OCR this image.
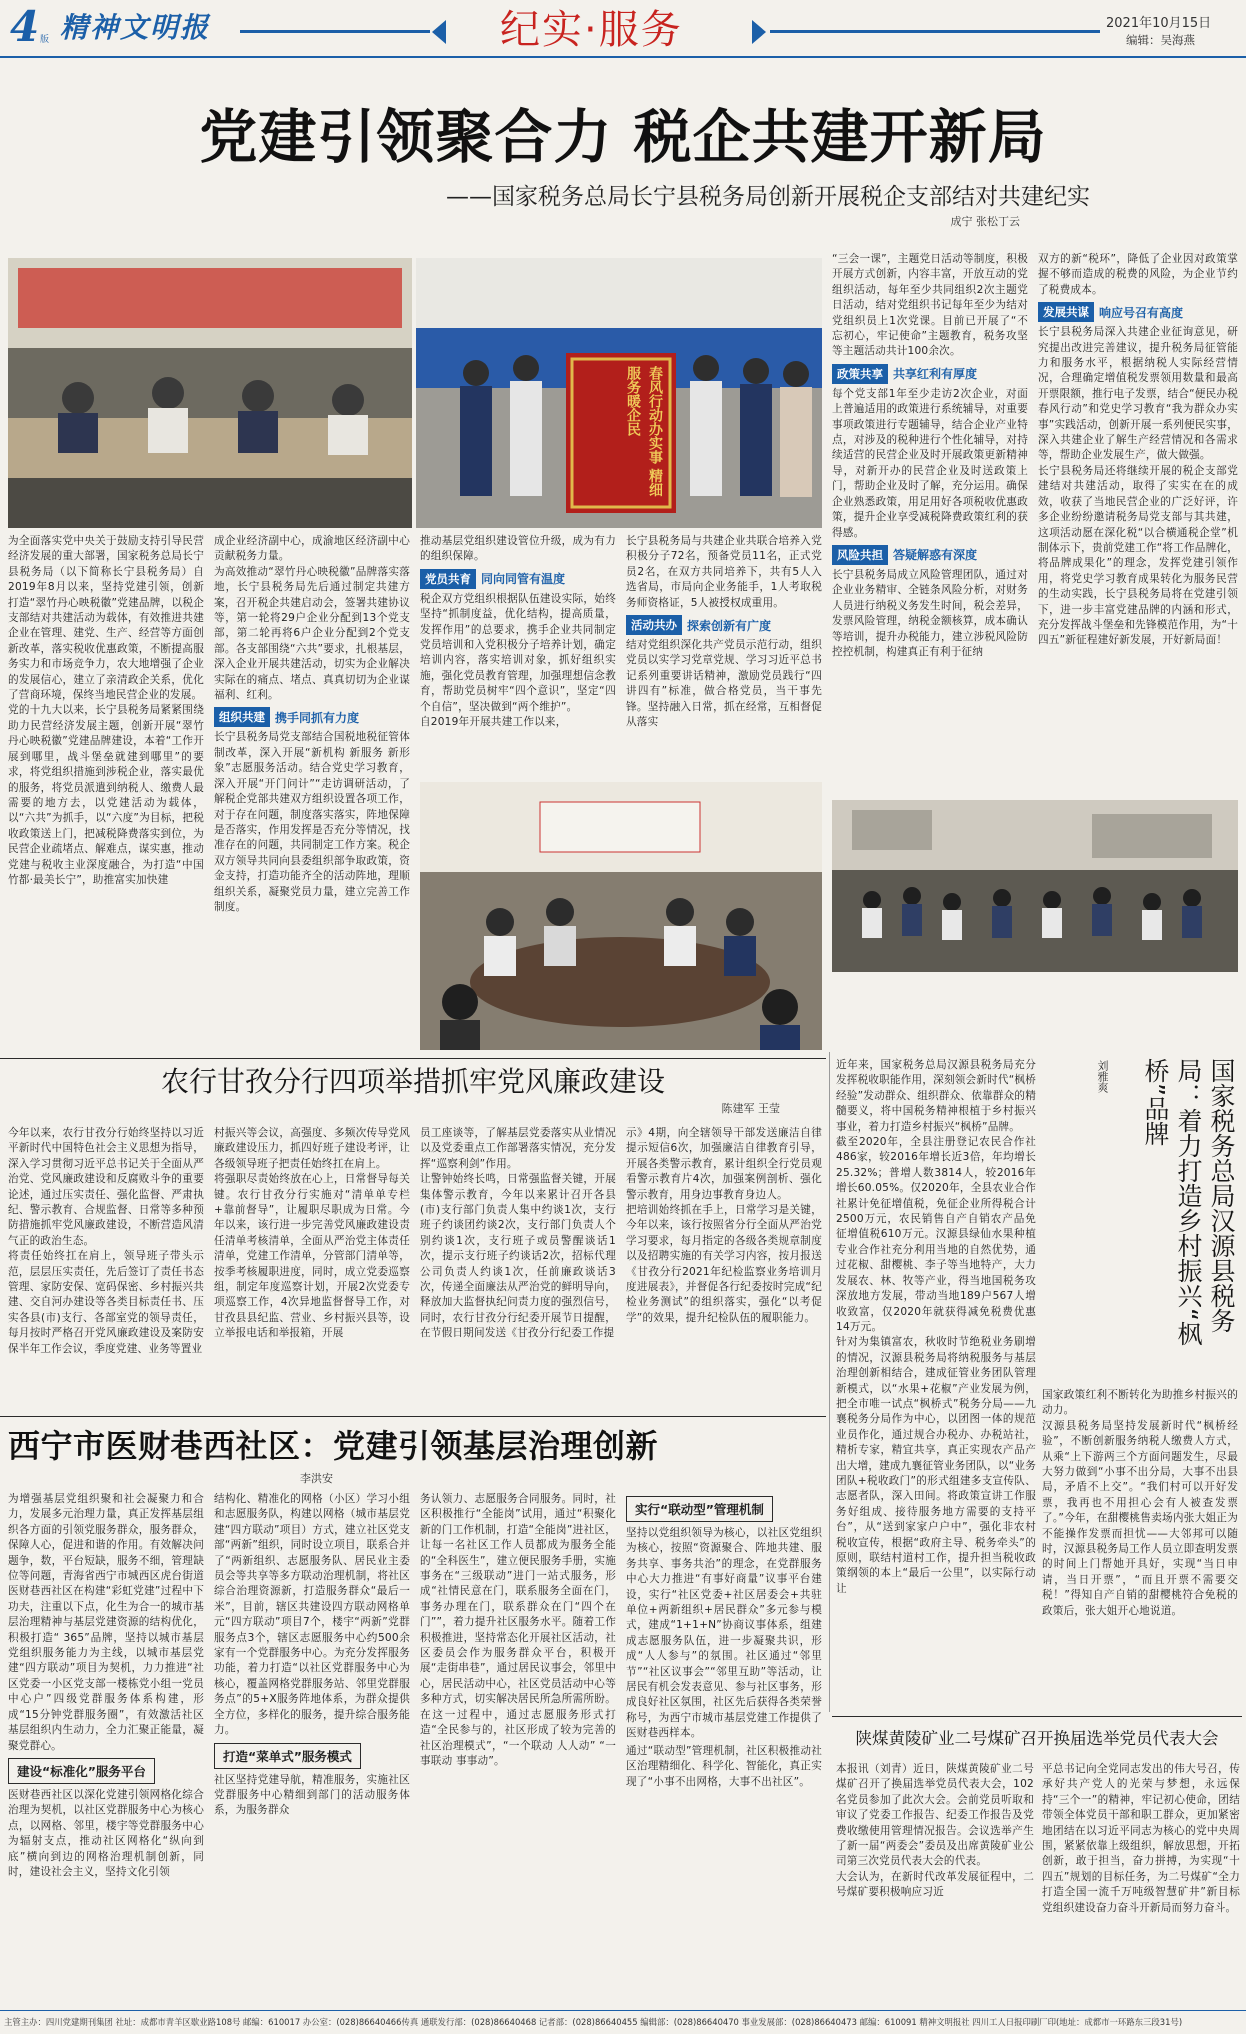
4 版 精神文明报	纪实·服务	2021年10月15日
编辑：吴海燕
党建引领聚合力 税企共建开新局
——国家税务总局长宁县税务局创新开展税企支部结对共建纪实
成宁 张松丁云
春风行动办实事 精细服务暖企民
为全面落实党中央关于鼓励支持引导民营经济发展的重大部署，国家税务总局长宁县税务局（以下简称长宁县税务局）自2019年8月以来，坚持党建引领，创新打造“翠竹丹心映税徽”党建品牌，以税企支部结对共建活动为载体，有效推进共建企业在管理、建党、生产、经营等方面创新改革，落实税收优惠政策，不断提高服务实力和市场竞争力，农大地增强了企业的发展信心，建立了亲清政企关系，优化了营商环境，保终当地民营企业的发展。
党的十九大以来，长宁县税务局紧紧围绕助力民营经济发展主题，创新开展“翠竹丹心映税徽”党建品牌建设，本着“工作开展到哪里，战斗堡垒就建到哪里”的要求，将党组织措施到涉税企业，落实最优的服务，将党员派遣到纳税人、缴费人最需要的地方去，以党建活动为载体，以“六共”为抓手，以“六度”为目标，把税收政策送上门，把减税降费落实到位，为民营企业疏堵点、解难点，谋实惠，推动党建与税收主业深度融合，为打造“中国竹都·最美长宁”，助推富实加快建
成企业经济副中心，成渝地区经济副中心贡献税务力量。
为高效推动“翠竹丹心映税徽”品牌落实落地，长宁县税务局先后通过制定共建方案，召开税企共建启动会，签署共建协议等，第一轮将29户企业分配到13个党支部，第二轮再将6户企业分配到2个党支部。各支部围绕“六共”要求，扎根基层，深入企业开展共建活动，切实为企业解决实际在的痛点、堵点、真真切切为企业谋福利、红利。
组织共建 携手同抓有力度
长宁县税务局党支部结合国税地税征管体制改革，深入开展“新机构 新服务 新形象”志愿服务活动。结合党史学习教育，深入开展“开门问计”“走访调研活动，了解税企党部共建双方组织设置各项工作，对于存在问题，制度落实落实，阵地保障是否落实，作用发挥是否充分等情况，找准存在的问题，共同制定工作方案。税企双方领导共同向县委组织部争取政策，资金支持，打造功能齐全的活动阵地，理顺组织关系，凝聚党员力量，建立完善工作制度。
推动基层党组织建设管位升级，成为有力的组织保障。
党员共育 同向同管有温度
税企双方党组织根据队伍建设实际，始终坚持“抓制度益，优化结构，提高质量，发挥作用”的总要求，携手企业共同制定党员培训和入党积极分子培养计划，确定培训内容，落实培训对象，抓好组织实施，强化党员教育管理，加强理想信念教育，帮助党员树牢“四个意识”，坚定“四个自信”，坚决做到“两个维护”。
自2019年开展共建工作以来，
长宁县税务局与共建企业共联合培养入党积极分子72名，预备党员11名，正式党员2名，在双方共同培养下，共有5人入选省局，市局向企业务能手，1人考取税务师资格证，5人被授权成重用。
活动共办 探索创新有广度
结对党组织深化共产党员示范行动，组织党员以实学习党章党规、学习习近平总书记系列重要讲话精神，激励党员践行“四讲四有”标准，做合格党员，当干事先锋。坚持融入日常，抓在经常，互相督促从落实
“三会一课”，主题党日活动等制度，积极开展方式创新，内容丰富，开放互动的党组织活动，每年至少共同组织2次主题党日活动，结对党组织书记每年至少为结对党组织员上1次党课。目前已开展了“不忘初心，牢记使命”主题教育，税务攻坚等主题活动共计100余次。
政策共享 共享红利有厚度
每个党支部1年至少走访2次企业，对面上普遍适用的政策进行系统辅导，对重要事项政策进行专题辅导，结合企业产业特点，对涉及的税种进行个性化辅导，对持续适营的民营企业及时开展政策更新精神导，对新开办的民营企业及时送政策上门，帮助企业及时了解，充分运用。确保企业熟悉政策，用足用好各项税收优惠政策，提升企业享受减税降费政策红利的获得感。
风险共担 答疑解惑有深度
长宁县税务局成立风险管理团队，通过对企业业务精审、全链条风险分析，对财务人员进行纳税义务发生时间，税会差异，发票风险管理，纳税金额核算，成本确认等培训，提升办税能力，建立涉税风险防控控机制，构建真正有利于征纳
双方的新“税环”，降低了企业因对政策掌握不够而造成的税费的风险，为企业节约了税费成本。
发展共谋 响应号召有高度
长宁县税务局深入共建企业征询意见，研究提出改进完善建议，提升税务局征管能力和服务水平，根据纳税人实际经营情况，合理确定增值税发票领用数量和最高开票限额，推行电子发票，结合“便民办税春风行动”和党史学习教育“我为群众办实事”实践活动，创新开展一系列便民实事，深入共建企业了解生产经营情况和各需求等，帮助企业发展生产，做大做强。
长宁县税务局还将继续开展的税企支部党建结对共建活动，取得了实实在在的成效，收获了当地民营企业的广泛好评，许多企业纷纷邀请税务局党支部与其共建，这项活动愿在深化税“以合横通税企堂”机制体示下，贵前党建工作“将工作品牌化，将品牌成果化”的理念，发挥党建引领作用，将党史学习教育成果转化为服务民营的生动实践，长宁县税务局将在党建引领下，进一步丰富党建品牌的内涵和形式，充分发挥战斗堡垒和先锋模范作用，为“十四五”新征程建好新发展，开好新局面！
农行甘孜分行四项举措抓牢党风廉政建设
陈建军 王莹
今年以来，农行甘孜分行始终坚持以习近平新时代中国特色社会主义思想为指导，深入学习贯彻习近平总书记关于全面从严治党、党风廉政建设和反腐败斗争的重要论述，通过压实责任、强化监督、严肃执纪、警示教育、合规监督、日常等多种预防措施抓牢党风廉政建设，不断营造风清气正的政治生态。
将责任始终扛在肩上，领导班子带头示范，层层压实责任，先后签订了责任书态管理、家防安保、宽码保密、乡村振兴共建、交自河办建设等各类目标责任书、压实各县(市)支行、各部室党的领导责任，每月按时严格召开党风廉政建设及案防安保半年工作会议，季度党建、业务等置业
村振兴等会议，高强度、多频次传导党风廉政建设压力，抓四好班子建设考评，让各级领导班子把责任始终扛在肩上。
将强职尽责始终放在心上，日常督导每关键。农行甘孜分行实施对“清单单专栏+靠前督导”，让履职尽职成为日常。今年以来，该行进一步完善党风廉政建设责任清单考核清单，全面从严治党主体责任清单，党建工作清单，分管部门清单等，按季考核履职进度，同时，成立党委巡察组，制定年度巡察计划，开展2次党委专项巡察工作，4次异地监督督导工作，对甘孜县县纪监、营业、乡村振兴县等，设立举报电话和举报箱，开展
员工座谈等，了解基层党委落实从业情况以及党委重点工作部署落实情况，充分发挥“巡察利剑”作用。
让警钟始终长鸣，日常强监督关键，开展集体警示教育，今年以来累计召开各县(市)支行部门负责人集中约谈1次，支行班子约谈团约谈2次，支行部门负责人个别约谈1次，支行班子或员警醒谈话1次，提示支行班子约谈话2次，招标代理公司负责人约谈1次，任前廉政谈话3次，传递全面廉法从严治党的鲜明导向，释放加大监督执纪问责力度的强烈信号，同时，农行甘孜分行纪委开展节日提醒，在节假日期间发送《甘孜分行纪委工作提
示》4期，向全辖领导干部发送廉洁自律提示短信6次，加强廉洁自律教育引导，开展各类警示教育，累计组织全行党员观看警示教育片4次，加强案例剖析、强化警示教育，用身边事教育身边人。
把培训始终抓在手上，日常学习是关键，今年以来，该行按照省分行全面从严治党学习要求，每月指定的各级各类规章制度以及招聘实施的有关学习内容，按月报送《甘孜分行2021年纪检监察业务培训月度进展表》，并督促各行纪委按时完成“纪检业务测试”的组织落实，强化“以考促学”的效果，提升纪检队伍的履职能力。	国家税务总局汉源县税务局：着力打造乡村振兴“枫桥”品牌
刘雅爽
近年来，国家税务总局汉源县税务局充分发挥税收职能作用，深刻领会新时代“枫桥经验”发动群众、组织群众、依靠群众的精髓要义，将中国税务精神根植于乡村振兴事业，着力打造乡村振兴“枫桥”品牌。
截至2020年，全县注册登记农民合作社486家，较2016年增长近3倍，年均增长25.32%；普增人数3814人，较2016年增长60.05%。仅2020年，全县农业合作社累计免征增值税，免征企业所得税合计2500万元，农民销售自产自销农产品免征增值税610万元。汉源县绿仙水果种植专业合作社充分利用当地的自然优势，通过花椒、甜樱桃、李子等当地特产，大力发展农、林、牧等产业，得当地国税务攻深放地方发展，带动当地189户567人增收致富，仅2020年就获得减免税费优惠14万元。
针对为集镇富农，秋收时节绝税业务刷增的情况，汉源县税务局将纳税服务与基层治理创新相结合，建成征管业务团队管理新模式，以“水果+花椒”产业发展为例，把全市唯一试点“枫桥式”税务分局——九襄税务分局作为中心，以团图一体的规范业员作化，通过规合办税办、办税站社，精析专家，精宜共享，真正实现农产品产出大增，建成九襄征管业务团队，以“业务团队+税收政门”的形式组建多支宣传队、志愿者队，深入田间。将政策宣讲工作服务好组成、接待服务地方需要的支持平台”，从“送到家家户户中”，强化非农村税收宣传，根据“政府主导、税务牵头”的原则，联结村道村工作，提升担当税收政策纲领的本上“最后一公里”，以实际行动让
国家政策红利不断转化为助推乡村振兴的动力。
汉源县税务局坚持发展新时代“枫桥经验”，不断创新服务纳税人缴费人方式，从乘“上下游两三个方面问题发生，尽最大努力做到“小事不出分局，大事不出县局，矛盾不上交”。“我们村可以开好发票，我再也不用担心会有人被查发票了。”今年，在甜樱桃售卖场内张大姐正为不能操作发票而担忧——大邻邦可以随时，汉源县税务局工作人员立即查明发票的时间上门帮她开具好，实现“当日申请，当日开票”，“而且开票不需要交税！”得知自产自销的甜樱桃符合免税的政策后，张大姐开心地说道。
西宁市医财巷西社区：党建引领基层治理创新
李洪安
为增强基层党组织聚和社会凝聚力和合力，发展多元治理力量，真正发挥基层组织各方面的引领党服务群众，服务群众，保障人心，促进和谐的作用。有效解决问题争，数，平台短缺，服务不细，管理缺位等问题，青海省西宁市城西区虎台街道医财巷西社区在构建“彩虹党建”过程中下功夫，注重以下点，化生为合一的城市基层治理精神与基层党建资源的结构优化，积极打造“ 365”品牌，坚持以城市基层党组织服务能力为主线，以城市基层党建“四方联动”项目为契机，力力推进“社区党委一小区党支部一楼栋党小组一党员中心户”四级党群服务体系构建，形成“15分钟党群服务圈”，有效激活社区基层组织内生动力，全力汇聚正能量，凝聚党群心。
建设“标准化”服务平台
医财巷西社区以深化党建引领网格化综合治理为契机，以社区党群服务中心为核心点，以网格、邻里，楼宇等党群服务中心为辐射支点，推动社区网格化“纵向到底”横向到边的网格治理机制创新，同时，建设社会主义，坚持文化引领
结构化、精准化的网格（小区）学习小组和志愿服务队，构建以网格（城市基层党建“四方联动”项目）方式，建立社区党支部“两新”组织，同时设立项目，联系合并了“两新组织、志愿服务队、居民业主委员会等共享等多方联动治理机制，将社区综合治理资源新，打造服务群众“最后一米”，目前，辖区共建设四方联动网格单元“四方联动”项目7个，楼宇“两新”党群服务点3个，辖区志愿服务中心约500余家有一个党群服务中心。为充分发挥服务功能，着力打造“以社区党群服务中心为核心，覆盖网格党群服务站、邻里党群服务点”的5+X服务阵地体系，为群众提供全方位，多样化的服务，提升综合服务能力。
打造“菜单式”服务模式
社区坚持党建导航，精准服务，实施社区党群服务中心精细到部门的活动服务体系，为服务群众
务认领力、志愿服务合同服务。同时，社区积极推行“全能岗”试用，通过“积聚化新的门工作机制，打造“全能岗”进社区，让每一名社区工作人员都成为服务全能的“全科医生”，建立便民服务手册，实施事务在“三级联动”进门一站式服务，形成“社情民意在门，联系服务全面在门，事务办理在门，联系群众在门“四个在门””，着力提升社区服务水平。随着工作积极推进，坚持常态化开展社区活动，社区委员会作为服务群众平台，积极开展“走街串巷”，通过居民议事会，邻里中心，居民活动中心，社区党员活动中心等多种方式，切实解决居民所急所需所盼。在这一过程中，通过志愿服务形式打造“全民参与的，社区形成了较为完善的社区治理模式”，“一个联动 人人动” “一事联动 事事动”。
实行“联动型”管理机制
坚持以党组织领导为核心，以社区党组织为核心，按照“资源聚合、阵地共建、服务共享、事务共治”的理念，在党群服务中心大力推进“有事好商量”议事平台建设，实行“社区党委+社区居委会+共驻单位+两新组织+居民群众”多元参与模式，建成“1+1+N”协商议事体系，组建成志愿服务队伍，进一步凝聚共识，形成“人人参与”的氛围。社区通过“邻里节”“社区议事会”“邻里互助”等活动，让居民有机会发表意见、参与社区事务，形成良好社区氛围，社区先后获得各类荣誉称号，为西宁市城市基层党建工作提供了医财巷西样本。
通过“联动型”管理机制，社区积极推动社区治理精细化、科学化、智能化，真正实现了“小事不出网格，大事不出社区”。
陕煤黄陵矿业二号煤矿召开换届选举党员代表大会
本报讯（刘青）近日，陕煤黄陵矿业二号煤矿召开了换届选举党员代表大会，102名党员参加了此次大会。会前党员听取和审议了党委工作报告、纪委工作报告及党费收缴使用管理情况报告。会议选举产生了新一届“两委会”委员及出席黄陵矿业公司第三次党员代表大会的代表。
大会认为，在新时代改革发展征程中，二号煤矿要积极响应习近
平总书记向全党同志发出的伟大号召，传承好共产党人的光荣与梦想，永远保持“三个一”的精神，牢记初心使命，团结带领全体党员干部和职工群众，更加紧密地团结在以习近平同志为核心的党中央周围，紧紧依靠上级组织，解放思想，开拓创新，敢于担当，奋力拼搏，为实现“十四五”规划的目标任务，为二号煤矿“全力打造全国一流千万吨级智慧矿井”新目标党组织建设奋力奋斗开新局而努力奋斗。
主管主办：四川党建期刊集团 社址：成都市青羊区歇业路108号 邮编：610017 办公室：(028)86640466传真 通联发行部：(028)86640468 记者部：(028)86640455 编辑部：(028)86640470 事业发展部：(028)86640473 邮编：610091 精神文明报社 四川工人日报印刷厂印(地址：成都市一环路东三段31号)
